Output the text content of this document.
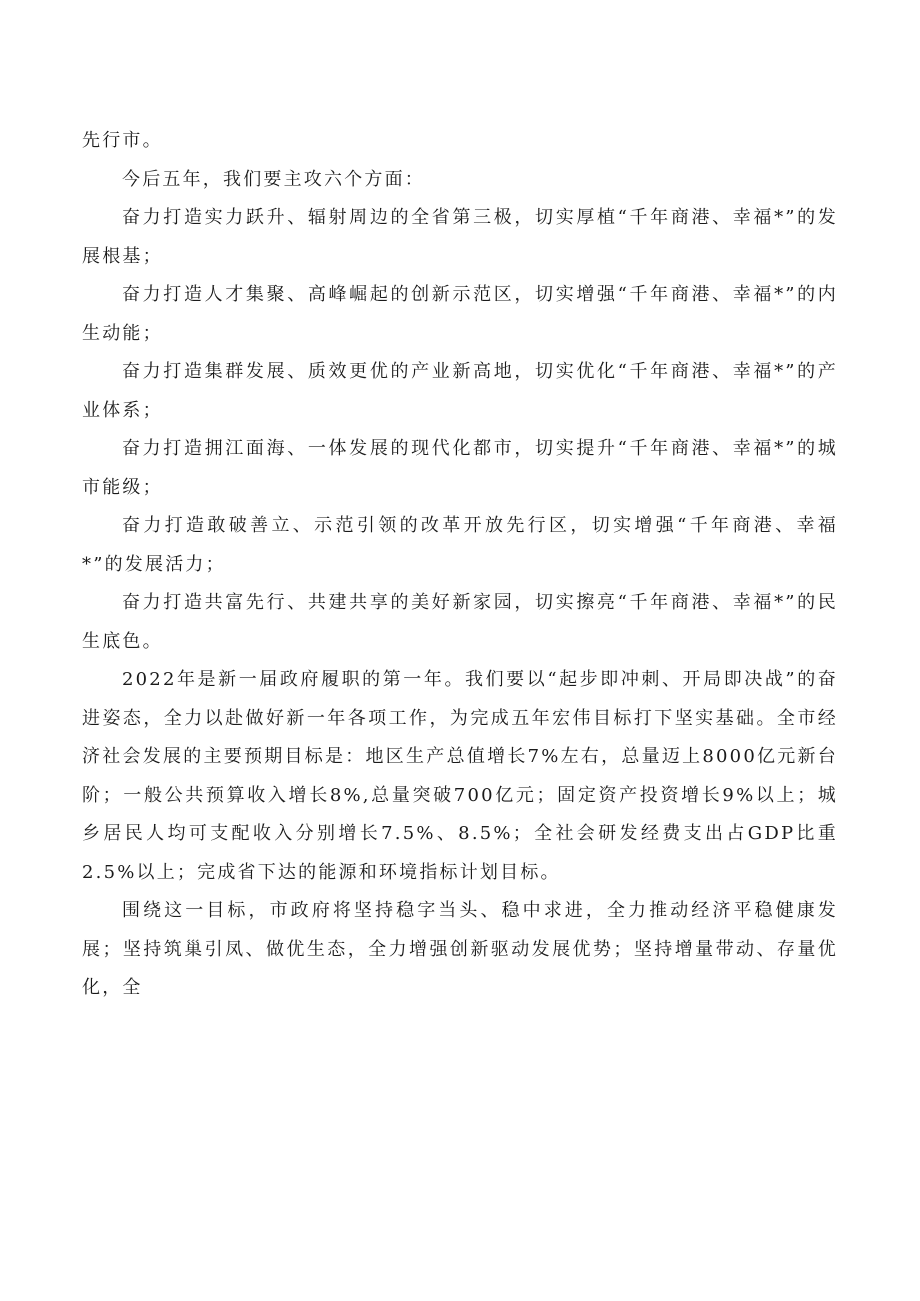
先行市。

今后五年，我们要主攻六个方面：

奋力打造实力跃升、辐射周边的全省第三极，切实厚植“千年商港、幸福*”的发展根基；

奋力打造人才集聚、高峰崛起的创新示范区，切实增强“千年商港、幸福*”的内生动能；

奋力打造集群发展、质效更优的产业新高地，切实优化“千年商港、幸福*”的产业体系；

奋力打造拥江面海、一体发展的现代化都市，切实提升“千年商港、幸福*”的城市能级；

奋力打造敢破善立、示范引领的改革开放先行区，切实增强“千年商港、幸福*”的发展活力；

奋力打造共富先行、共建共享的美好新家园，切实擦亮“千年商港、幸福*”的民生底色。

2022年是新一届政府履职的第一年。我们要以“起步即冲刺、开局即决战”的奋进姿态，全力以赴做好新一年各项工作，为完成五年宏伟目标打下坚实基础。全市经济社会发展的主要预期目标是：地区生产总值增长7%左右，总量迈上8000亿元新台阶；一般公共预算收入增长8%,总量突破700亿元；固定资产投资增长9%以上；城乡居民人均可支配收入分别增长7.5%、8.5%；全社会研发经费支出占GDP比重2.5%以上；完成省下达的能源和环境指标计划目标。

围绕这一目标，市政府将坚持稳字当头、稳中求进，全力推动经济平稳健康发展；坚持筑巢引凤、做优生态，全力增强创新驱动发展优势；坚持增量带动、存量优化，全
